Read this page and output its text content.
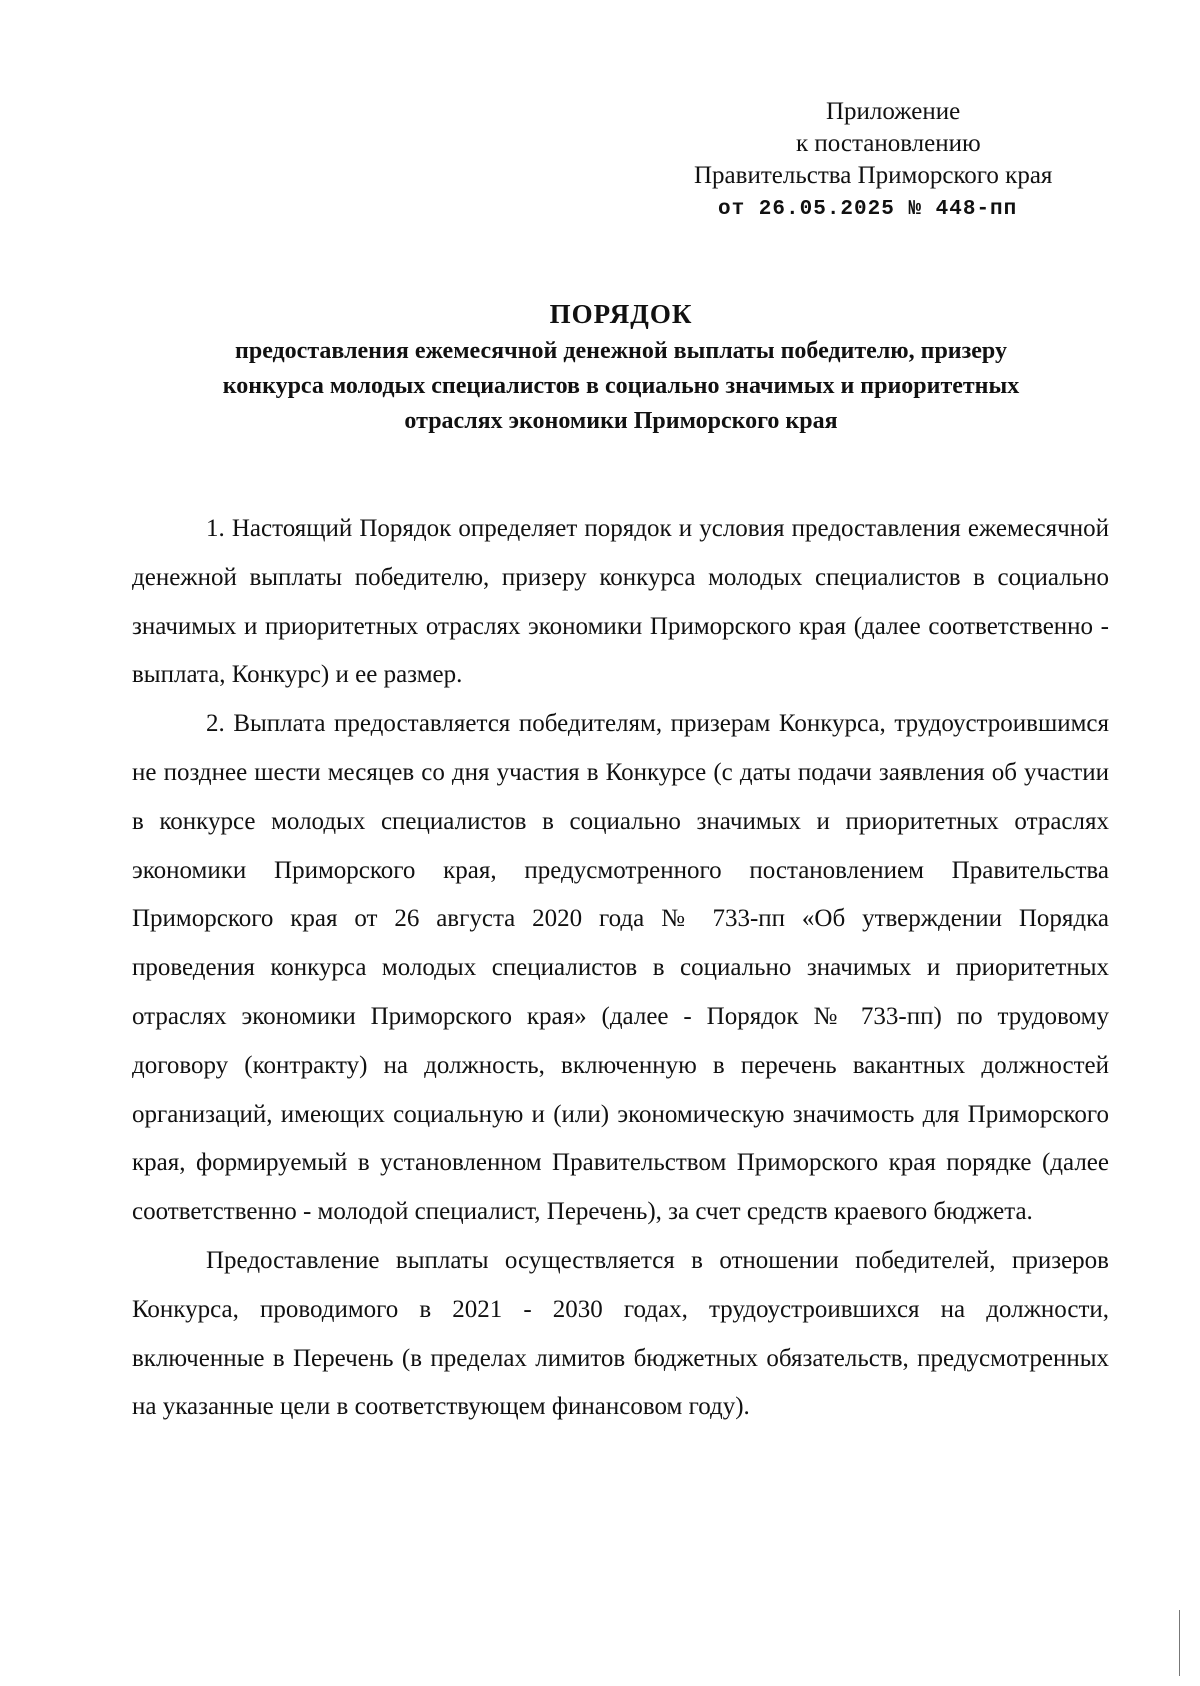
Приложение
к постановлению
Правительства Приморского края
от 26.05.2025 № 448-пп
ПОРЯДОК
предоставления ежемесячной денежной выплаты победителю, призеру
конкурса молодых специалистов в социально значимых и приоритетных
отраслях экономики Приморского края

1. Настоящий Порядок определяет порядок и условия предоставления ежемесячной денежной выплаты победителю, призеру конкурса молодых специалистов в социально значимых и приоритетных отраслях экономики Приморского края (далее соответственно - выплата, Конкурс) и ее размер.

2. Выплата предоставляется победителям, призерам Конкурса, трудоустроившимся не позднее шести месяцев со дня участия в Конкурсе (с даты подачи заявления об участии в конкурсе молодых специалистов в социально значимых и приоритетных отраслях экономики Приморского края, предусмотренного постановлением Правительства Приморского края от 26 августа 2020 года № 733-пп «Об утверждении Порядка проведения конкурса молодых специалистов в социально значимых и приоритетных отраслях экономики Приморского края» (далее - Порядок № 733-пп) по трудовому договору (контракту) на должность, включенную в перечень вакантных должностей организаций, имеющих социальную и (или) экономическую значимость для Приморского края, формируемый в установленном Правительством Приморского края порядке (далее соответственно - молодой специалист, Перечень), за счет средств краевого бюджета.

Предоставление выплаты осуществляется в отношении победителей, призеров Конкурса, проводимого в 2021 - 2030 годах, трудоустроившихся на должности, включенные в Перечень (в пределах лимитов бюджетных обязательств, предусмотренных на указанные цели в соответствующем финансовом году).
